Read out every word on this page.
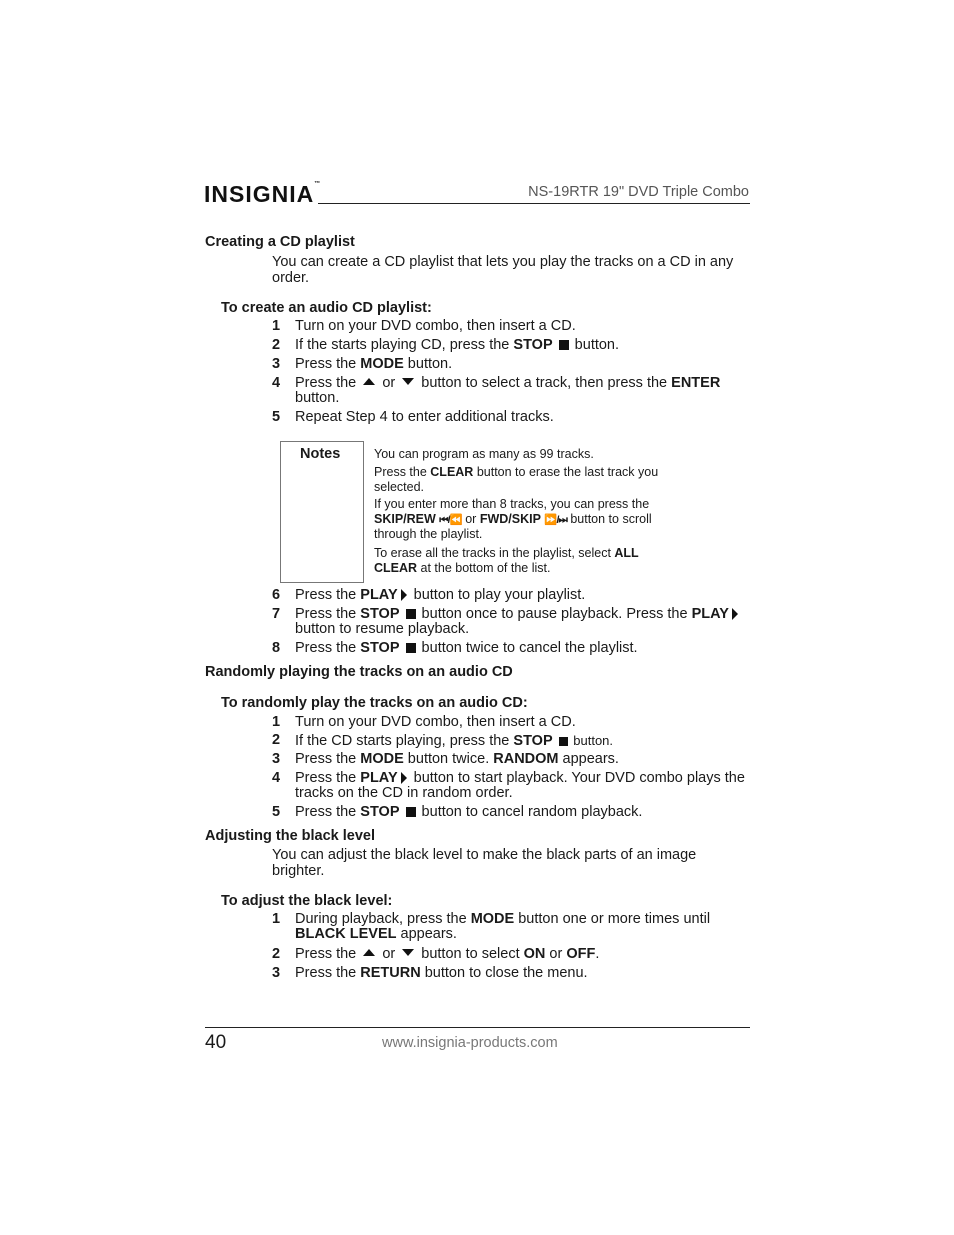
INSIGNIA™	NS-19RTR 19" DVD Triple Combo
Creating a CD playlist
You can create a CD playlist that lets you play the tracks on a CD in any order.
To create an audio CD playlist:
1 Turn on your DVD combo, then insert a CD.
2 If the starts playing CD, press the STOP  button.
3 Press the MODE button.
4 Press the  or  button to select a track, then press the ENTER button.
5 Repeat Step 4 to enter additional tracks.
Notes	You can program as many as 99 tracks.
Press the CLEAR button to erase the last track you selected.
If you enter more than 8 tracks, you can press the SKIP/REW ⏮/⏪ or FWD/SKIP ⏩/⏭ button to scroll through the playlist.
To erase all the tracks in the playlist, select ALL CLEAR at the bottom of the list.
6 Press the PLAY button to play your playlist.
7 Press the STOP  button once to pause playback. Press the PLAY button to resume playback.
8 Press the STOP  button twice to cancel the playlist.
Randomly playing the tracks on an audio CD
To randomly play the tracks on an audio CD:
1 Turn on your DVD combo, then insert a CD.
2 If the CD starts playing, press the STOP  button.
3 Press the MODE button twice. RANDOM appears.
4 Press the PLAY button to start playback. Your DVD combo plays the tracks on the CD in random order.
5 Press the STOP  button to cancel random playback.
Adjusting the black level
You can adjust the black level to make the black parts of an image brighter.
To adjust the black level:
1 During playback, press the MODE button one or more times until BLACK LEVEL appears.
2 Press the  or  button to select ON or OFF.
3 Press the RETURN button to close the menu.
40	www.insignia-products.com
